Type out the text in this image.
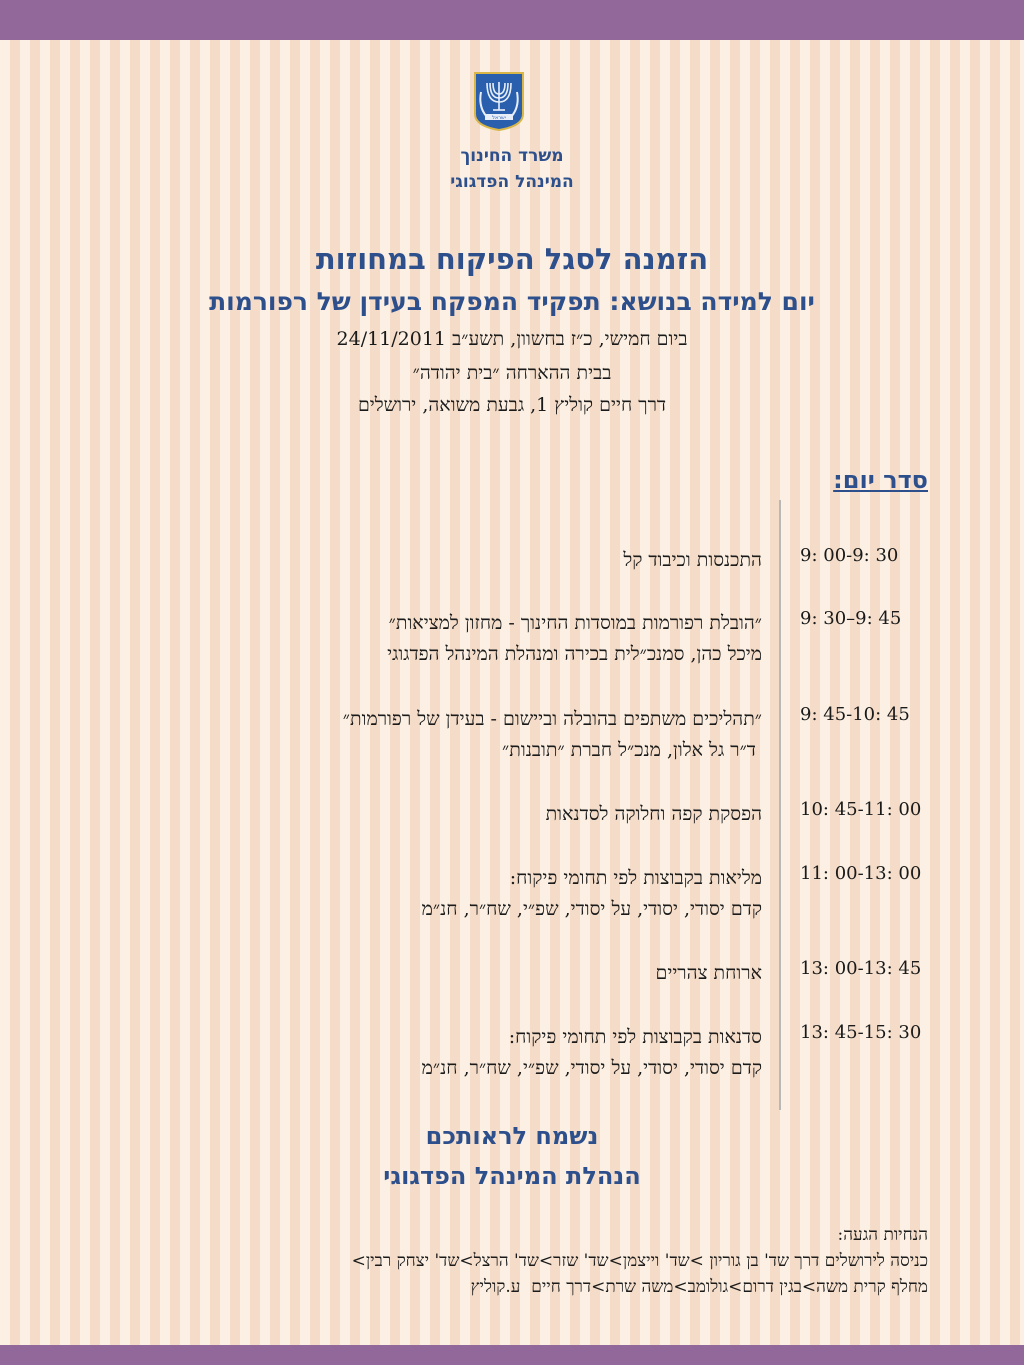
ישראל
משרד החינוך
המינהל הפדגוגי
הזמנה לסגל הפיקוח במחוזות
יום למידה בנושא: תפקיד המפקח בעידן של רפורמות
ביום חמישי, כ״ז בחשוון, תשע״ב 24/11/2011
בבית ההארחה ״בית יהודה״
דרך חיים קוליץ 1, גבעת משואה, ירושלים
סדר יום:
9: 00-9: 30
התכנסות וכיבוד קל
9: 30–9: 45
״הובלת רפורמות במוסדות החינוך - מחזון למציאות״
מיכל כהן, סמנכ״לית בכירה ומנהלת המינהל הפדגוגי
9: 45-10: 45
״תהליכים משתפים בהובלה וביישום - בעידן של רפורמות״
ד״ר גל אלון, מנכ״ל חברת ״תובנות״
10: 45-11: 00
הפסקת קפה וחלוקה לסדנאות
11: 00-13: 00
מליאות בקבוצות לפי תחומי פיקוח:
קדם יסודי, יסודי, על יסודי, שפ״י, שח״ר, חנ״מ
13: 00-13: 45
ארוחת צהריים
13: 45-15: 30
סדנאות בקבוצות לפי תחומי פיקוח:
קדם יסודי, יסודי, על יסודי, שפ״י, שח״ר, חנ״מ
נשמח לראותכם
הנהלת המינהל הפדגוגי
הנחיות הגעה:
כניסה לירושלים דרך שד' בן גוריון >שד' וייצמן>שד' שזר>שד' הרצל>שד' יצחק רבין>
מחלף קרית משה>בגין דרום>גולומב>משה שרת>דרך חיים  ע.קוליץ
